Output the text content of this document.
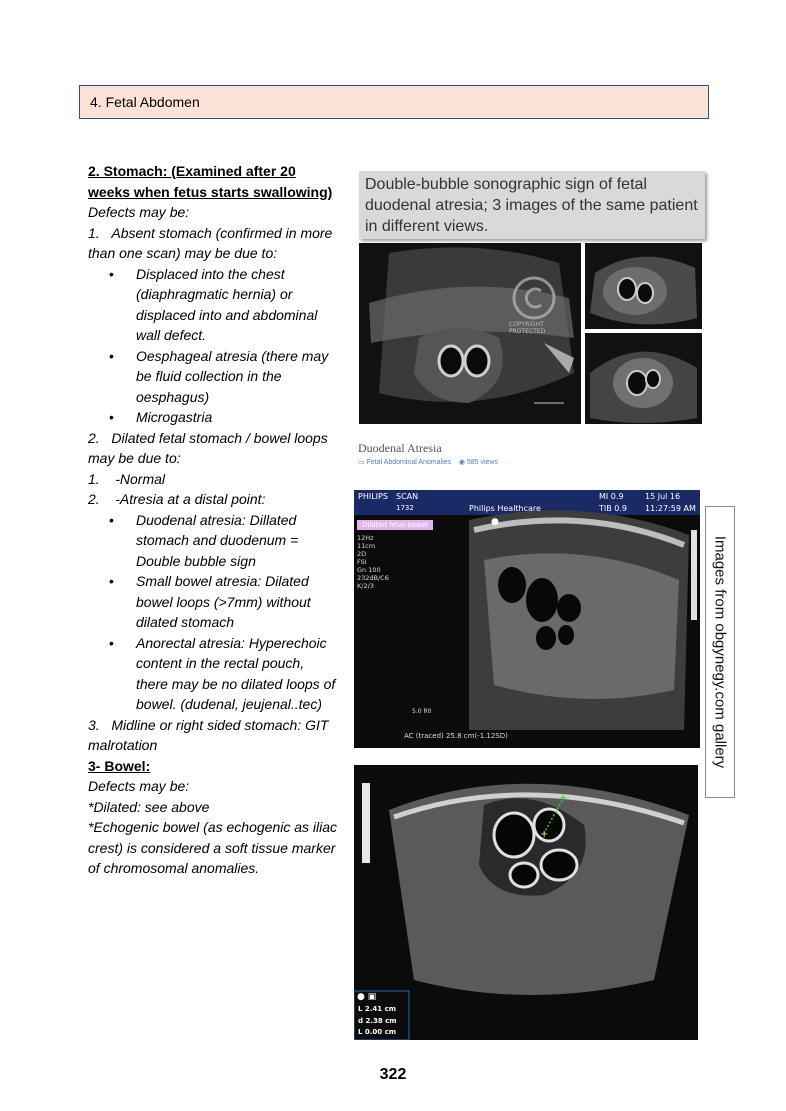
4. Fetal Abdomen
2. Stomach: (Examined after 20 weeks when fetus starts swallowing)
Defects may be:
1. Absent stomach (confirmed in more than one scan) may be due to:
• Displaced into the chest (diaphragmatic hernia) or displaced into and abdominal wall defect.
• Oesphageal atresia (there may be fluid collection in the oesphagus)
• Microgastria
2. Dilated fetal stomach / bowel loops may be due to:
1. -Normal
2. -Atresia at a distal point:
• Duodenal atresia: Dillated stomach and duodenum = Double bubble sign
• Small bowel atresia: Dilated bowel loops (>7mm) without dilated stomach
• Anorectal atresia: Hyperechoic content in the rectal pouch, there may be no dilated loops of bowel. (dudenal, jeujenal..tec)
3. Midline or right sided stomach: GIT malrotation
3- Bowel:
Defects may be:
*Dilated: see above
*Echogenic bowel (as echogenic as iliac crest) is considered a soft tissue marker of chromosomal anomalies.
Double-bubble sonographic sign of fetal duodenal atresia; 3 images of the same patient in different views.
COPYRIGHT PROTECTED
Duodenal Atresia
▭ Fetal Abdominal Anomalies ◉ 585 views
PHILIPS SCAN
1732	Philips Healthcare
MI 0.9
TIB 0.9
15 Jul 16
11:27:59 AM
●
Dilated fetal bowel
12Hz
11cm
2D
FSI
Gn 100
232dB/C6
K/2/3
5.0 R0
AC (traced) 25.8 cm(-1.12SD)
+
+
● ▣
L 2.41 cm
d 2.38 cm
L 0.00 cm
Images from obgynegy.com gallery
322
